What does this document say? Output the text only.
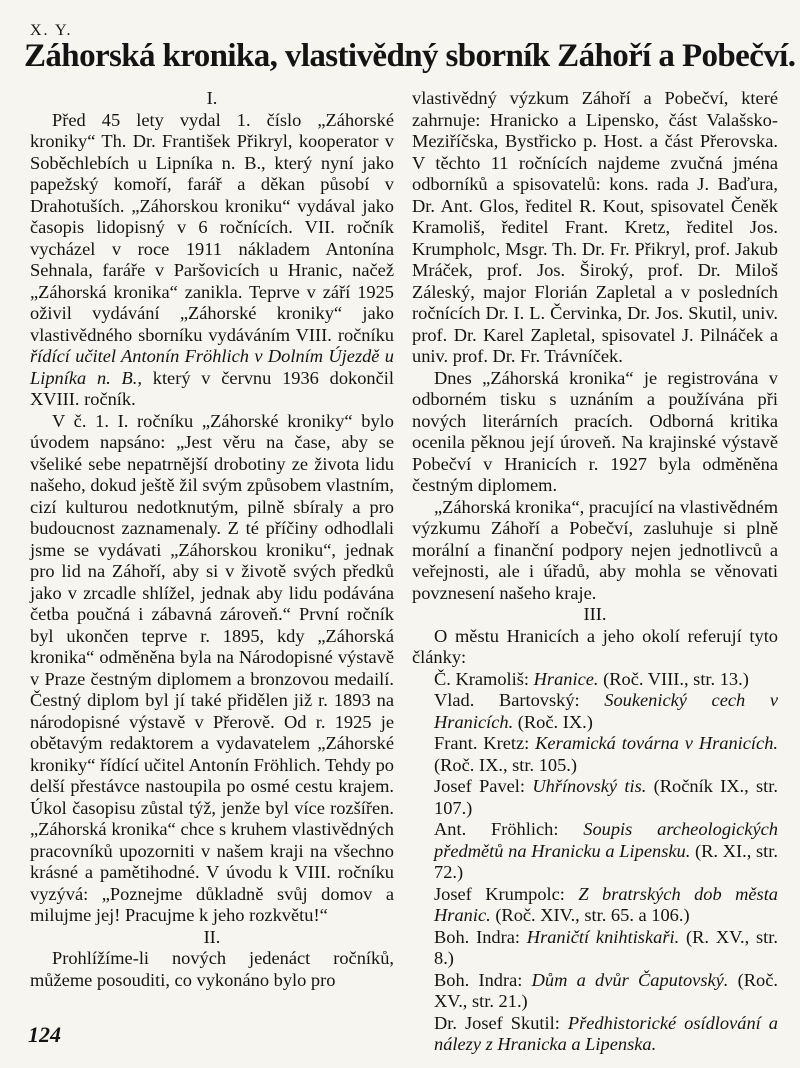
X. Y.
Záhorská kronika, vlastivědný sborník Záhoří a Pobečví.
I.

Před 45 lety vydal 1. číslo „Záhorské kroniky“ Th. Dr. František Přikryl, kooperator v Soběchlebích u Lipníka n. B., který nyní jako papežský komoří, farář a děkan působí v Drahotuších. „Záhorskou kroniku“ vydával jako časopis lidopisný v 6 ročnících. VII. ročník vycházel v roce 1911 nákladem Antonína Sehnala, faráře v Paršovicích u Hranic, načež „Záhorská kronika“ zanikla. Teprve v září 1925 oživil vydávání „Záhorské kroniky“ jako vlastivědného sborníku vydáváním VIII. ročníku řídící učitel Antonín Fröhlich v Dolním Újezdě u Lipníka n. B., který v červnu 1936 dokončil XVIII. ročník.

V č. 1. I. ročníku „Záhorské kroniky“ bylo úvodem napsáno: „Jest věru na čase, aby se všeliké sebe nepatrnější drobotiny ze života lidu našeho, dokud ještě žil svým způsobem vlastním, cizí kulturou nedotknutým, pilně sbíraly a pro budoucnost zaznamenaly. Z té příčiny odhodlali jsme se vydávati „Záhorskou kroniku“, jednak pro lid na Záhoří, aby si v životě svých předků jako v zrcadle shlížel, jednak aby lidu podávána četba poučná i zábavná zároveň.“ První ročník byl ukončen teprve r. 1895, kdy „Záhorská kronika“ odměněna byla na Národopisné výstavě v Praze čestným diplomem a bronzovou medailí. Čestný diplom byl jí také přidělen již r. 1893 na národopisné výstavě v Přerově. Od r. 1925 je obětavým redaktorem a vydavatelem „Záhorské kroniky“ řídící učitel Antonín Fröhlich. Tehdy po delší přestávce nastoupila po osmé cestu krajem. Úkol časopisu zůstal týž, jenže byl více rozšířen. „Záhorská kronika“ chce s kruhem vlastivědných pracovníků upozorniti v našem kraji na všechno krásné a pamětihodné. V úvodu k VIII. ročníku vyzývá: „Poznejme důkladně svůj domov a milujme jej! Pracujme k jeho rozkvětu!“

II.

Prohlížíme-li nových jedenáct ročníků, můžeme posouditi, co vykonáno bylo pro

vlastivědný výzkum Záhoří a Pobečví, které zahrnuje: Hranicko a Lipensko, část Valašsko-Meziříčska, Bystřicko p. Host. a část Přerovska. V těchto 11 ročnících najdeme zvučná jména odborníků a spisovatelů: kons. rada J. Baďura, Dr. Ant. Glos, ředitel R. Kout, spisovatel Čeněk Kramoliš, ředitel Frant. Kretz, ředitel Jos. Krumpholc, Msgr. Th. Dr. Fr. Přikryl, prof. Jakub Mráček, prof. Jos. Široký, prof. Dr. Miloš Záleský, major Florián Zapletal a v posledních ročnících Dr. I. L. Červinka, Dr. Jos. Skutil, univ. prof. Dr. Karel Zapletal, spisovatel J. Pilnáček a univ. prof. Dr. Fr. Trávníček.

Dnes „Záhorská kronika“ je registrována v odborném tisku s uznáním a používána při nových literárních pracích. Odborná kritika ocenila pěknou její úroveň. Na krajinské výstavě Pobečví v Hranicích r. 1927 byla odměněna čestným diplomem.

„Záhorská kronika“, pracující na vlastivědném výzkumu Záhoří a Pobečví, zasluhuje si plně morální a finanční podpory nejen jednotlivců a veřejnosti, ale i úřadů, aby mohla se věnovati povznesení našeho kraje.

III.

O městu Hranicích a jeho okolí referují tyto články:

Č. Kramoliš: Hranice. (Roč. VIII., str. 13.)

Vlad. Bartovský: Soukenický cech v Hranicích. (Roč. IX.)

Frant. Kretz: Keramická továrna v Hranicích. (Roč. IX., str. 105.)

Josef Pavel: Uhřínovský tis. (Ročník IX., str. 107.)

Ant. Fröhlich: Soupis archeologických předmětů na Hranicku a Lipensku. (R. XI., str. 72.)

Josef Krumpolc: Z bratrských dob města Hranic. (Roč. XIV., str. 65. a 106.)

Boh. Indra: Hraničtí knihtiskaři. (R. XV., str. 8.)

Boh. Indra: Dům a dvůr Čaputovský. (Roč. XV., str. 21.)

Dr. Josef Skutil: Předhistorické osídlování a nálezy z Hranicka a Lipenska.

124
